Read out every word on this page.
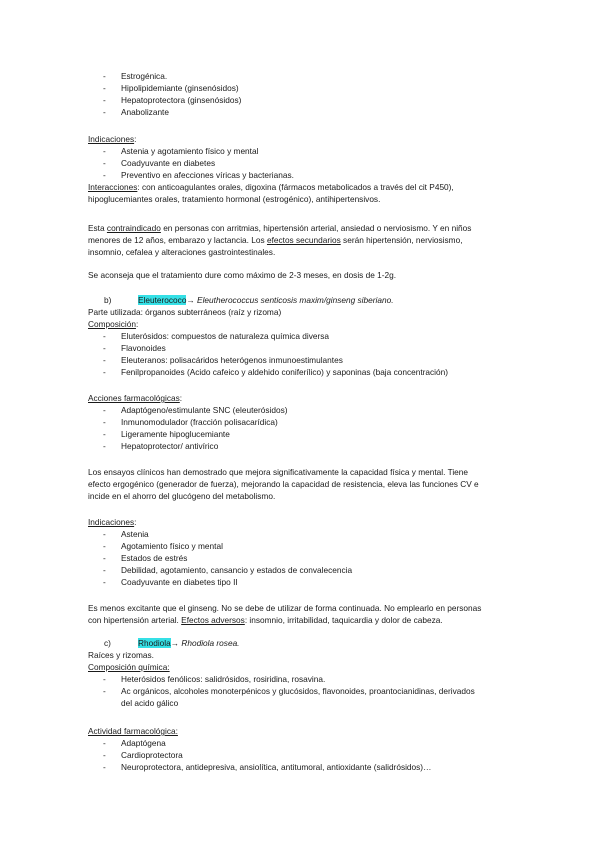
- Estrogénica.
- Hipolipidemiante (ginsenósidos)
- Hepatoprotectora (ginsenósidos)
- Anabolizante
Indicaciones:
- Astenia y agotamiento físico y mental
- Coadyuvante en diabetes
- Preventivo en afecciones víricas y bacterianas.
Interacciones: con anticoagulantes orales, digoxina (fármacos metabolicados a través del cit P450),
hipoglucemiantes orales, tratamiento hormonal (estrogénico), antihipertensivos.
Esta contraindicado en personas con arritmias, hipertensión arterial, ansiedad o nerviosismo. Y en niños
menores de 12 años, embarazo y lactancia. Los efectos secundarios serán hipertensión, nerviosismo,
insomnio, cefalea y alteraciones gastrointestinales.
Se aconseja que el tratamiento dure como máximo de 2-3 meses, en dosis de 1-2g.
b)	Eleuterococo→ Eleutherococcus senticosis maxim/ginseng siberiano.
Parte utilizada: órganos subterráneos (raíz y rizoma)
Composición:
- Eluterósidos: compuestos de naturaleza química diversa
- Flavonoides
- Eleuteranos: polisacáridos heterógenos inmunoestimulantes
- Fenilpropanoides (Acido cafeico y aldehido coniferílico) y saponinas (baja concentración)
Acciones farmacológicas:
- Adaptógeno/estimulante SNC (eleuterósidos)
- Inmunomodulador (fracción polisacarídica)
- Ligeramente hipoglucemiante
- Hepatoprotector/ antivírico
Los ensayos clínicos han demostrado que mejora significativamente la capacidad física y mental. Tiene
efecto ergogénico (generador de fuerza), mejorando la capacidad de resistencia, eleva las funciones CV e
incide en el ahorro del glucógeno del metabolismo.
Indicaciones:
- Astenia
- Agotamiento físico y mental
- Estados de estrés
- Debilidad, agotamiento, cansancio y estados de convalecencia
- Coadyuvante en diabetes tipo II
Es menos excitante que el ginseng. No se debe de utilizar de forma continuada. No emplearlo en personas
con hipertensión arterial. Efectos adversos: insomnio, irritabilidad, taquicardia y dolor de cabeza.
c)	Rhodiola→ Rhodiola rosea.
Raíces y rizomas.
Composición química:
- Heterósidos fenólicos: salidrósidos, rosiridina, rosavina.
- Ac orgánicos, alcoholes monoterpénicos y glucósidos, flavonoides, proantocianidinas, derivados
del acido gálico
Actividad farmacológica:
- Adaptógena
- Cardioprotectora
- Neuroprotectora, antidepresiva, ansiolítica, antitumoral, antioxidante (salidrósidos)…
